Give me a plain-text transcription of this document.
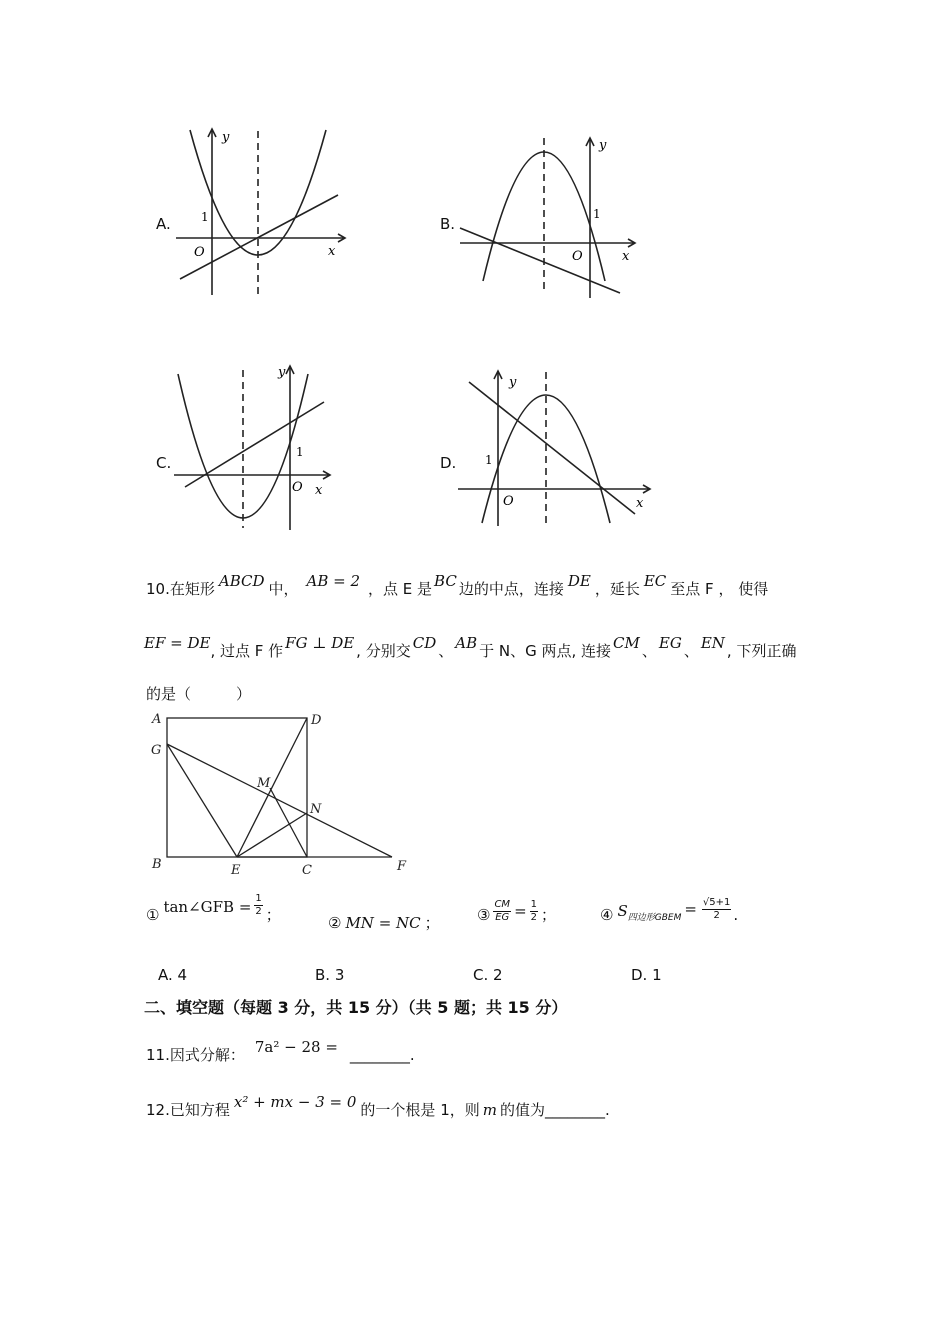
A.
y
x
O
1	B.
y
x
O
1
C.
y
x
O
1
D.
y
x
O
1
10.在矩形 ABCD 中， AB = 2 ，点 E 是 BC 边的中点，连接 DE ，延长 EC 至点 F ， 使得
EF = DE, 过点 F 作 FG ⊥ DE , 分别交 CD 、 AB 于 N、G 两点, 连接 CM 、 EG 、 EN , 下列正确
的是（　　　）
A	D
G
M
N
B	E	C	F
① tan∠GFB = $\frac{1}{2}$ ；	② MN = NC ； ③ $\frac{CM}{EG} = \frac{1}{2}$ ；	④ S四边形GBEM = $\frac{√5+1}{2}$ .
A. 4	B. 3	C. 2	D. 1
二、填空题（每题 3 分，共 15 分）（共 5 题；共 15 分）
11.因式分解： 7a² − 28 = ________.
12.已知方程 x² + mx − 3 = 0 的一个根是 1，则 m 的值为________.
